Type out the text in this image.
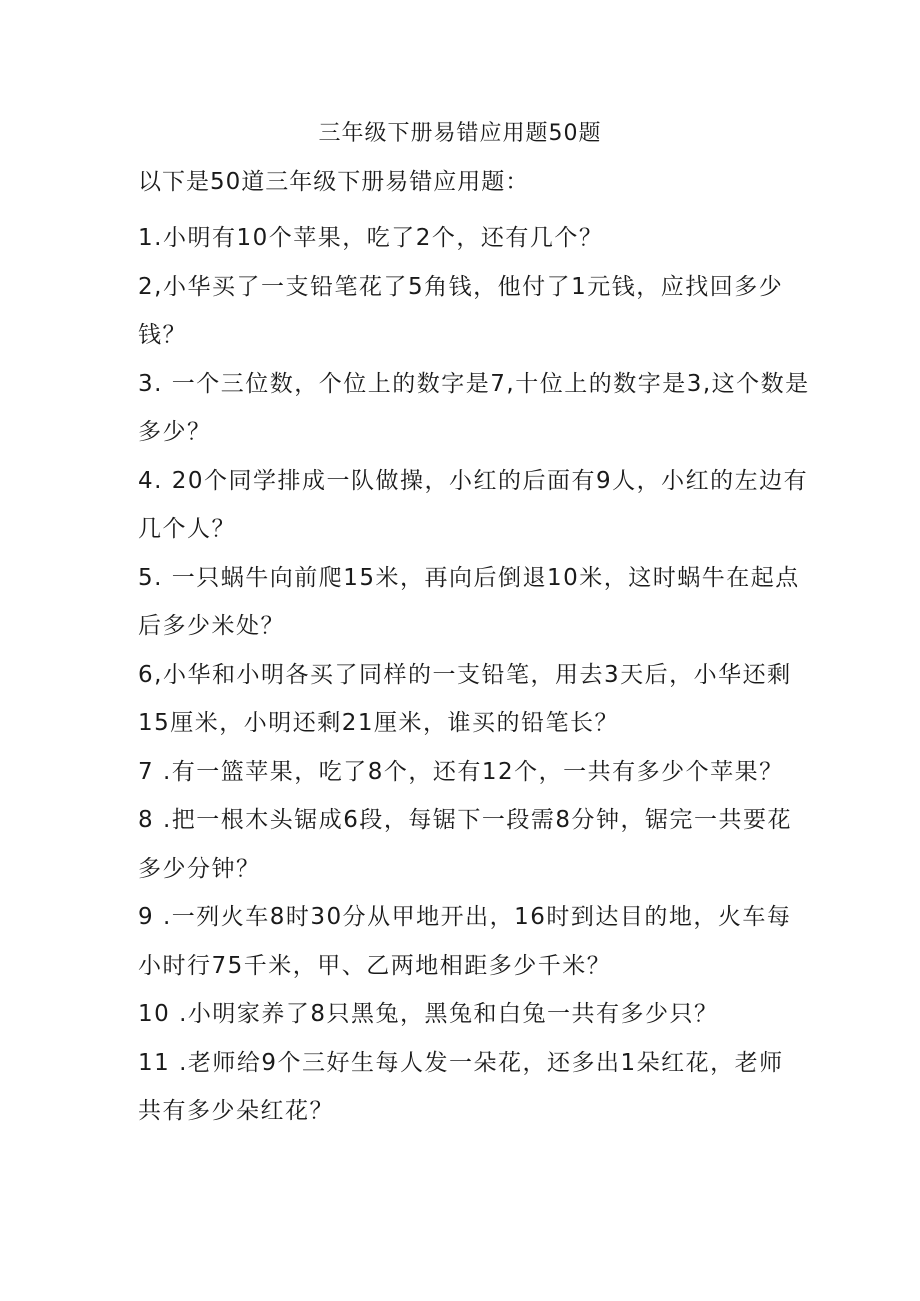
三年级下册易错应用题50题
以下是50道三年级下册易错应用题：
1.小明有10个苹果，吃了2个，还有几个？
2,小华买了一支铅笔花了5角钱，他付了1元钱，应找回多少
钱？
3. 一个三位数，个位上的数字是7,十位上的数字是3,这个数是
多少？
4. 20个同学排成一队做操，小红的后面有9人，小红的左边有
几个人？
5. 一只蜗牛向前爬15米，再向后倒退10米，这时蜗牛在起点
后多少米处？
6,小华和小明各买了同样的一支铅笔，用去3天后，小华还剩
15厘米，小明还剩21厘米，谁买的铅笔长？
7 .有一篮苹果，吃了8个，还有12个，一共有多少个苹果？
8 .把一根木头锯成6段，每锯下一段需8分钟，锯完一共要花
多少分钟？
9 .一列火车8时30分从甲地开出，16时到达目的地，火车每
小时行75千米，甲、乙两地相距多少千米？
10 .小明家养了8只黑兔，黑兔和白兔一共有多少只？
11 .老师给9个三好生每人发一朵花，还多出1朵红花，老师
共有多少朵红花？
